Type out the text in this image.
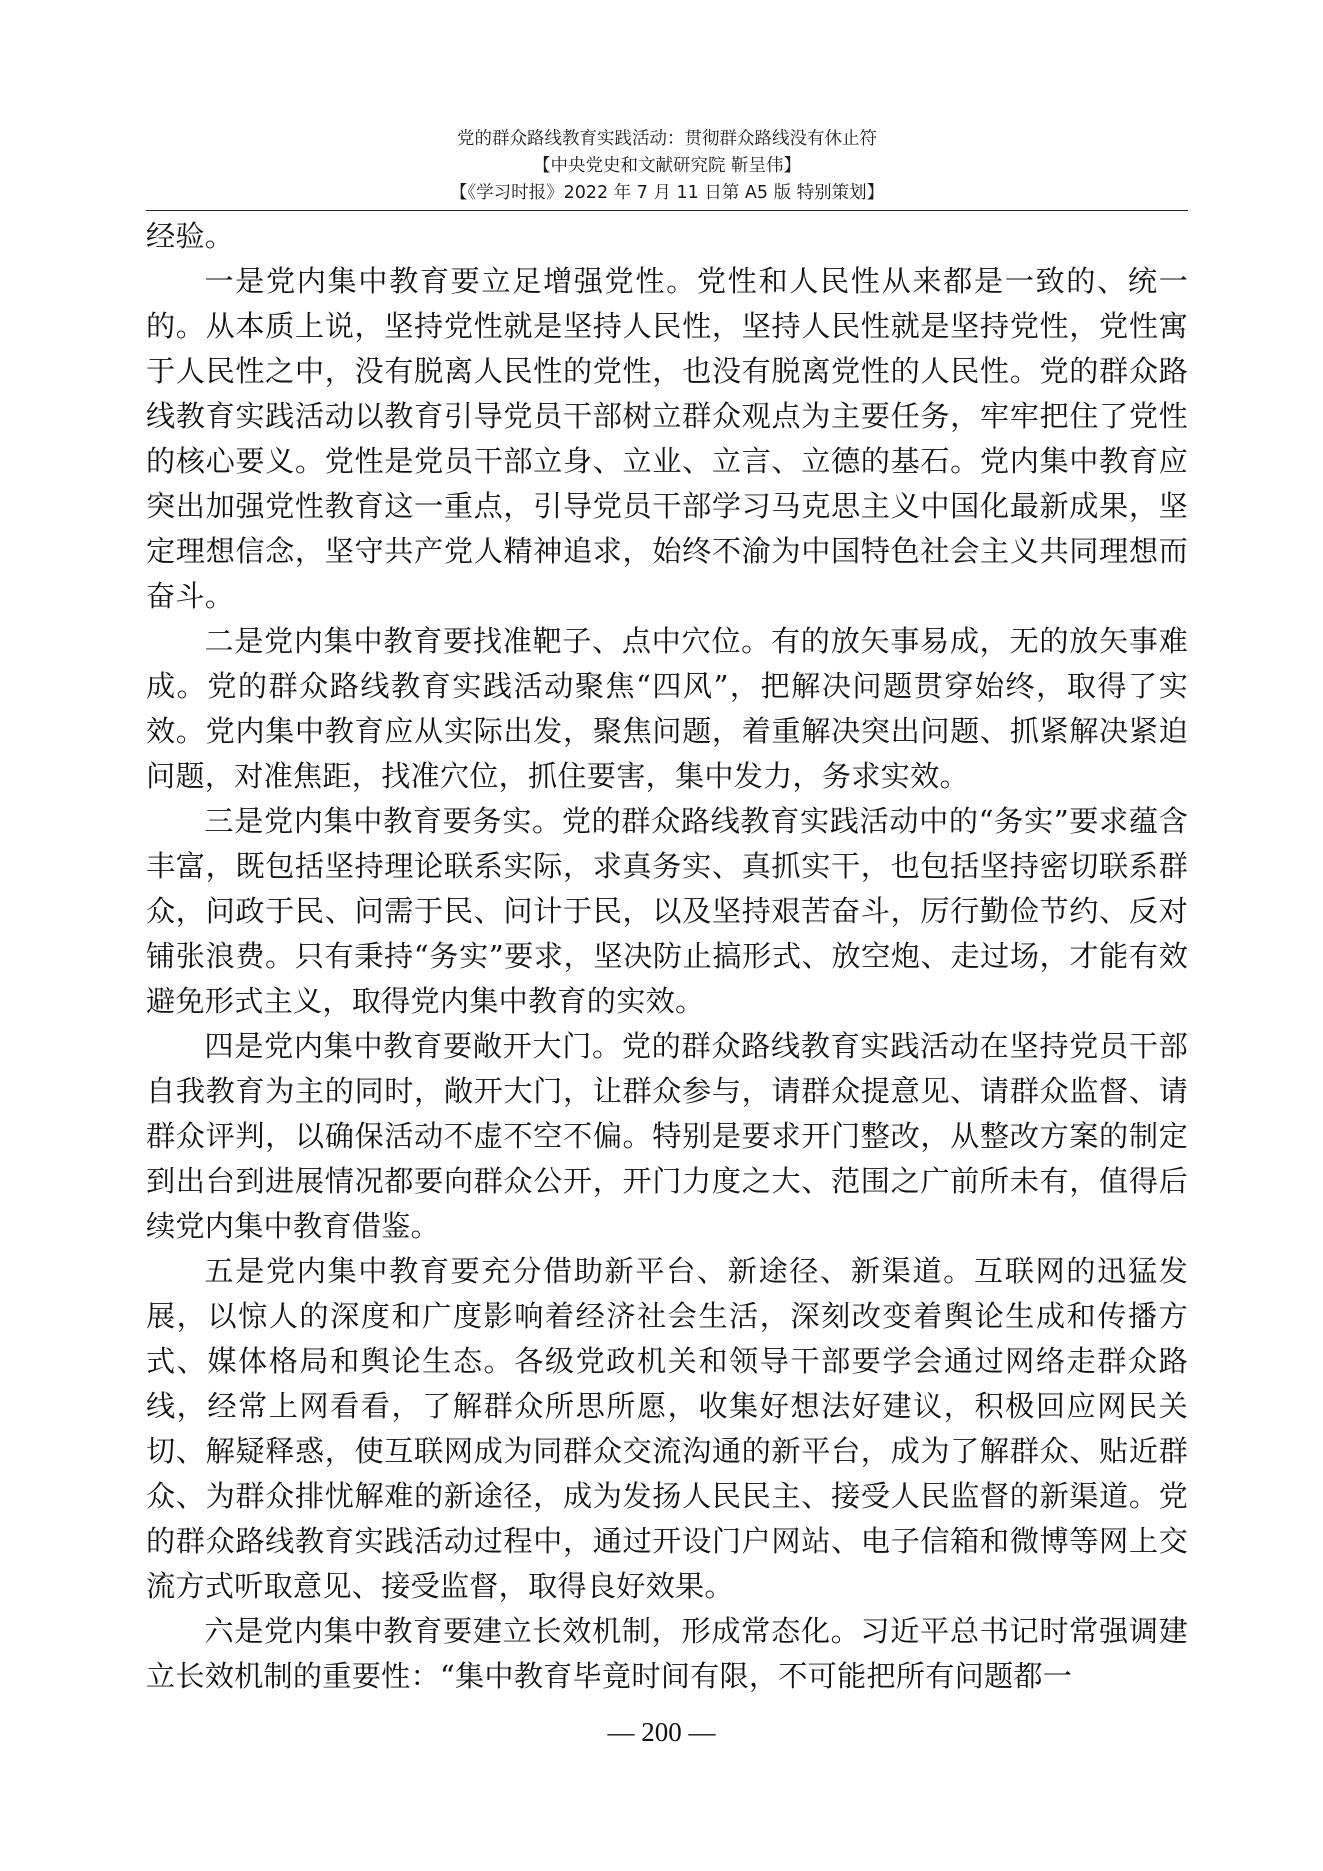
党的群众路线教育实践活动：贯彻群众路线没有休止符
【中央党史和文献研究院 靳呈伟】
【《学习时报》2022 年 7 月 11 日第 A5 版 特别策划】

经验。

一是党内集中教育要立足增强党性。党性和人民性从来都是一致的、统一的。从本质上说，坚持党性就是坚持人民性，坚持人民性就是坚持党性，党性寓于人民性之中，没有脱离人民性的党性，也没有脱离党性的人民性。党的群众路线教育实践活动以教育引导党员干部树立群众观点为主要任务，牢牢把住了党性的核心要义。党性是党员干部立身、立业、立言、立德的基石。党内集中教育应突出加强党性教育这一重点，引导党员干部学习马克思主义中国化最新成果，坚定理想信念，坚守共产党人精神追求，始终不渝为中国特色社会主义共同理想而奋斗。

二是党内集中教育要找准靶子、点中穴位。有的放矢事易成，无的放矢事难成。党的群众路线教育实践活动聚焦“四风”，把解决问题贯穿始终，取得了实效。党内集中教育应从实际出发，聚焦问题，着重解决突出问题、抓紧解决紧迫问题，对准焦距，找准穴位，抓住要害，集中发力，务求实效。

三是党内集中教育要务实。党的群众路线教育实践活动中的“务实”要求蕴含丰富，既包括坚持理论联系实际，求真务实、真抓实干，也包括坚持密切联系群众，问政于民、问需于民、问计于民，以及坚持艰苦奋斗，厉行勤俭节约、反对铺张浪费。只有秉持“务实”要求，坚决防止搞形式、放空炮、走过场，才能有效避免形式主义，取得党内集中教育的实效。

四是党内集中教育要敞开大门。党的群众路线教育实践活动在坚持党员干部自我教育为主的同时，敞开大门，让群众参与，请群众提意见、请群众监督、请群众评判，以确保活动不虚不空不偏。特别是要求开门整改，从整改方案的制定到出台到进展情况都要向群众公开，开门力度之大、范围之广前所未有，值得后续党内集中教育借鉴。

五是党内集中教育要充分借助新平台、新途径、新渠道。互联网的迅猛发展，以惊人的深度和广度影响着经济社会生活，深刻改变着舆论生成和传播方式、媒体格局和舆论生态。各级党政机关和领导干部要学会通过网络走群众路线，经常上网看看，了解群众所思所愿，收集好想法好建议，积极回应网民关切、解疑释惑，使互联网成为同群众交流沟通的新平台，成为了解群众、贴近群众、为群众排忧解难的新途径，成为发扬人民民主、接受人民监督的新渠道。党的群众路线教育实践活动过程中，通过开设门户网站、电子信箱和微博等网上交流方式听取意见、接受监督，取得良好效果。

六是党内集中教育要建立长效机制，形成常态化。习近平总书记时常强调建立长效机制的重要性：“集中教育毕竟时间有限，不可能把所有问题都一

— 200 —
